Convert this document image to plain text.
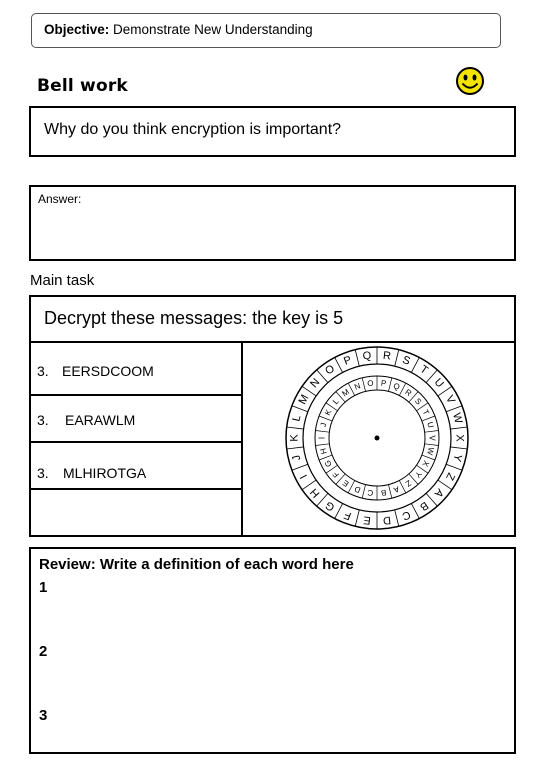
Objective: Demonstrate New Understanding
Bell work
Why do you think encryption is important?
Answer:
Main task
Decrypt these messages: the key is 5
3. EERSDCOOM
3. EARAWLM
3. MLHIROTGA
R
P
S
Q
T
R
U
S V
T W
U
X
V
Y
W
Z
X
A
Y
B
Z
C
A
D
B
E
C
F
D
G
E
H
F
I
G
J
H
K I
L
J
M
K
N
L
O
M
P
N
Q
O
Review: Write a definition of each word here
1
2
3
